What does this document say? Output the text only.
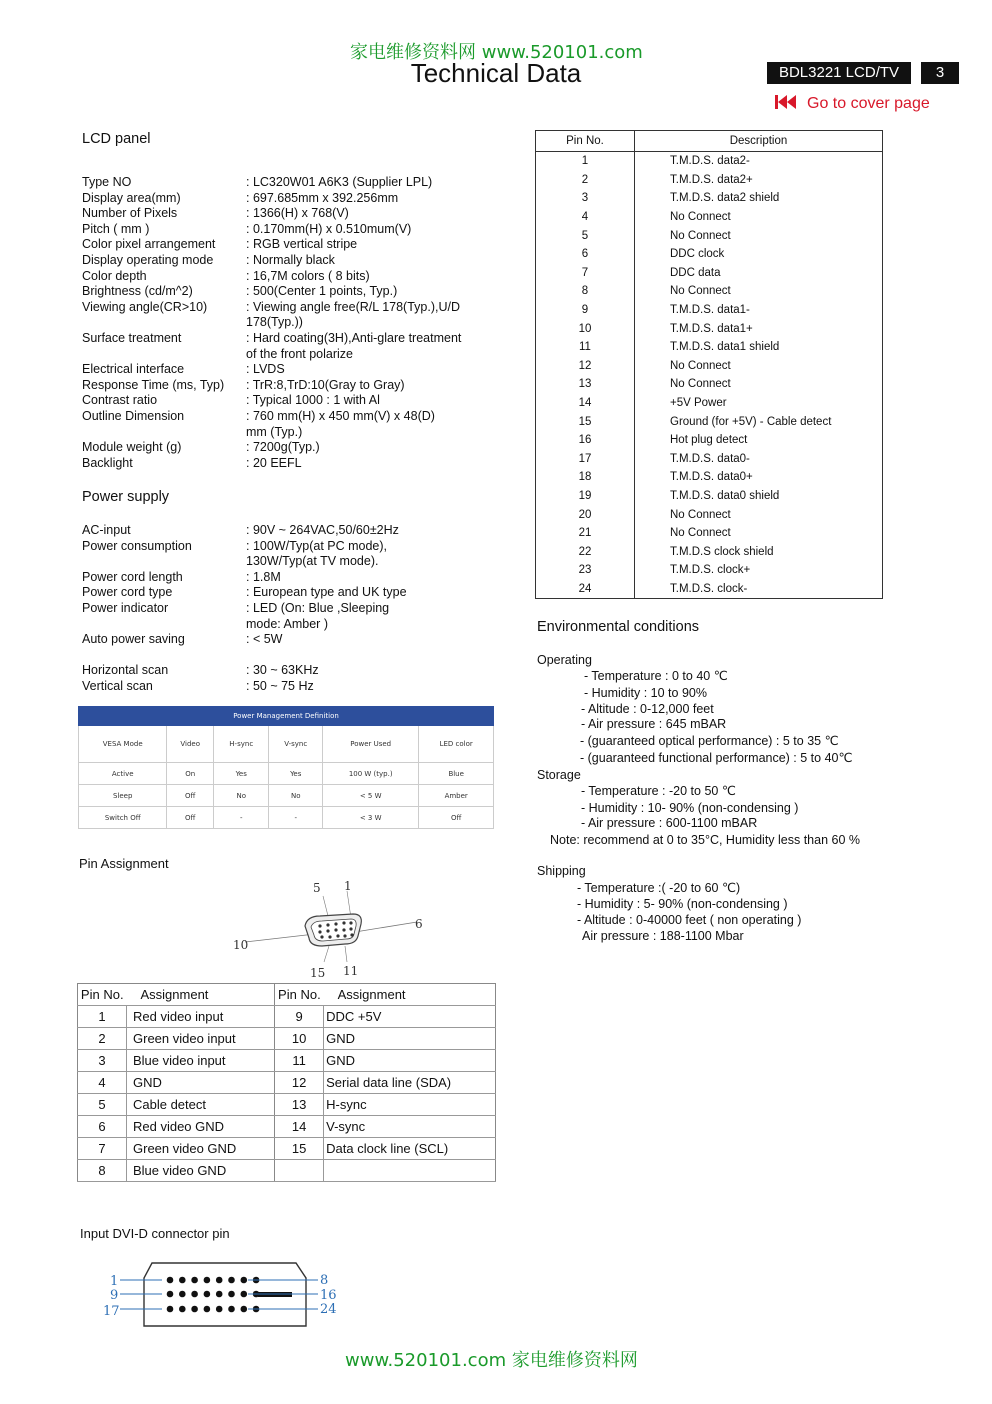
家电维修资料网 www.520101.com
Technical Data	BDL3221 LCD/TV	3
Go to cover page
LCD panel
Type NO	: LC320W01 A6K3 (Supplier LPL)
Display area(mm)	: 697.685mm x 392.256mm
Number of Pixels	: 1366(H) x 768(V)
Pitch ( mm )	: 0.170mm(H) x 0.510mum(V)
Color pixel arrangement : RGB vertical stripe
Display operating mode	: Normally black
Color depth	: 16,7M colors ( 8 bits)
Brightness (cd/m^2)	: 500(Center 1 points, Typ.)
Viewing angle(CR>10)	: Viewing angle free(R/L 178(Typ.),U/D
178(Typ.))
Surface treatment	: Hard coating(3H),Anti-glare treatment
of the front polarize
Electrical interface	: LVDS
Response Time (ms, Typ) : TrR:8,TrD:10(Gray to Gray)
Contrast ratio	: Typical 1000 : 1 with Al
Outline Dimension	: 760 mm(H) x 450 mm(V) x 48(D)
mm (Typ.)
Module weight (g)	: 7200g(Typ.)
Backlight	: 20 EEFL
Power supply
AC-input	: 90V ~ 264VAC,50/60±2Hz
Power consumption	: 100W/Typ(at PC mode),
130W/Typ(at TV mode).
Power cord length	: 1.8M
Power cord type	: European type and UK type
Power indicator	: LED (On: Blue ,Sleeping
mode: Amber )
Auto power saving	: < 5W
Horizontal scan	: 30 ~ 63KHz
Vertical scan	: 50 ~ 75 Hz
Power Management Definition					
VESA Mode	Video	H-sync	V-sync	Power Used	LED color
Active	On	Yes	Yes	100 W (typ.)	Blue
Sleep	Off	No	No	< 5 W	Amber
Switch Off	Off	-	-	< 3 W	Off
Pin Assignment
5 1
6
10
15 11
Pin No.	Assignment	Pin No.	Assignment
1	Red video input	9	DDC +5V
2	Green video input	10	GND
3	Blue video input	11	GND
4	GND	12	Serial data line (SDA)
5	Cable detect	13	H-sync
6	Red video GND	14	V-sync
7	Green video GND	15	Data clock line (SCL)
8	Blue video GND		
Input DVI-D connector pin
1
9
17
8
16
24
Pin No.	Description
1	T.M.D.S. data2-
2	T.M.D.S. data2+
3	T.M.D.S. data2 shield
4	No Connect
5	No Connect
6	DDC clock
7	DDC data
8	No Connect
9	T.M.D.S. data1-
10	T.M.D.S. data1+
11	T.M.D.S. data1 shield
12	No Connect
13	No Connect
14	+5V Power
15	Ground (for +5V) - Cable detect
16	Hot plug detect
17	T.M.D.S. data0-
18	T.M.D.S. data0+
19	T.M.D.S. data0 shield
20	No Connect
21	No Connect
22	T.M.D.S clock shield
23	T.M.D.S. clock+
24	T.M.D.S. clock-
Environmental conditions
Operating
- Temperature : 0 to 40 ℃
- Humidity : 10 to 90%
- Altitude : 0-12,000 feet
- Air pressure : 645 mBAR
- (guaranteed optical performance) : 5 to 35 ℃
- (guaranteed functional performance) : 5 to 40℃
Storage
- Temperature : -20 to 50 ℃
- Humidity : 10- 90% (non-condensing )
- Air pressure : 600-1100 mBAR
Note: recommend at 0 to 35°C, Humidity less than 60 %
Shipping
- Temperature :( -20 to 60 ℃)
- Humidity : 5- 90% (non-condensing )
- Altitude : 0-40000 feet ( non operating )
Air pressure : 188-1100 Mbar
www.520101.com 家电维修资料网
